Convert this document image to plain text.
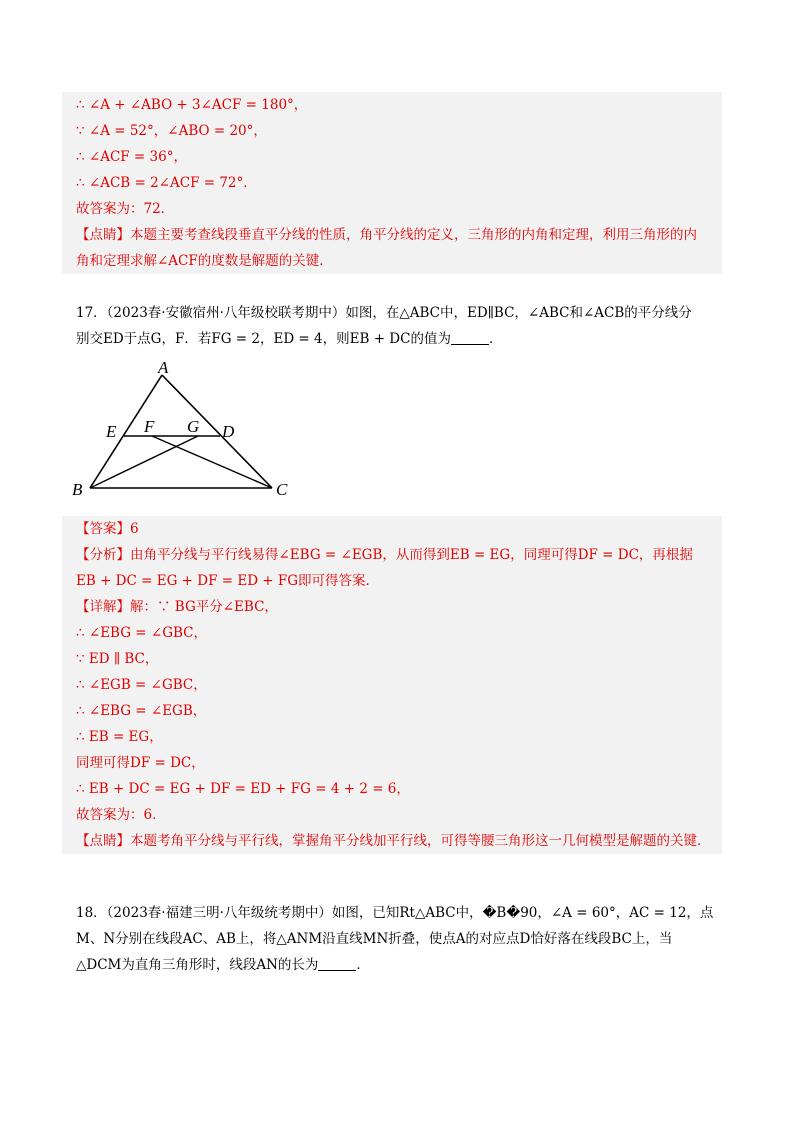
∴ ∠A + ∠ABO + 3∠ACF = 180°，
∵ ∠A = 52°，∠ABO = 20°，
∴ ∠ACF = 36°，
∴ ∠ACB = 2∠ACF = 72°．
故答案为：72．
【点睛】本题主要考查线段垂直平分线的性质，角平分线的定义，三角形的内角和定理，利用三角形的内
角和定理求解∠ACF的度数是解题的关键．
17．（2023春·安徽宿州·八年级校联考期中）如图，在△ABC中，ED∥BC，∠ABC和∠ACB的平分线分
别交ED于点G，F．若FG = 2，ED = 4，则EB + DC的值为	．
A
B	C
E	D
F G
【答案】6
【分析】由角平分线与平行线易得∠EBG = ∠EGB，从而得到EB = EG，同理可得DF = DC，再根据
EB + DC = EG + DF = ED + FG即可得答案．
【详解】解：∵ BG平分∠EBC，
∴ ∠EBG = ∠GBC，
∵ ED ∥ BC，
∴ ∠EGB = ∠GBC，
∴ ∠EBG = ∠EGB，
∴ EB = EG，
同理可得DF = DC，
∴ EB + DC = EG + DF = ED + FG = 4 + 2 = 6，
故答案为：6．
【点睛】本题考角平分线与平行线，掌握角平分线加平行线，可得等腰三角形这一几何模型是解题的关键．
18．（2023春·福建三明·八年级统考期中）如图，已知Rt△ABC中，�B�90，∠A = 60°，AC = 12，点
M、N分别在线段AC、AB上，将△ANM沿直线MN折叠，使点A的对应点D恰好落在线段BC上，当
△DCM为直角三角形时，线段AN的长为	．
